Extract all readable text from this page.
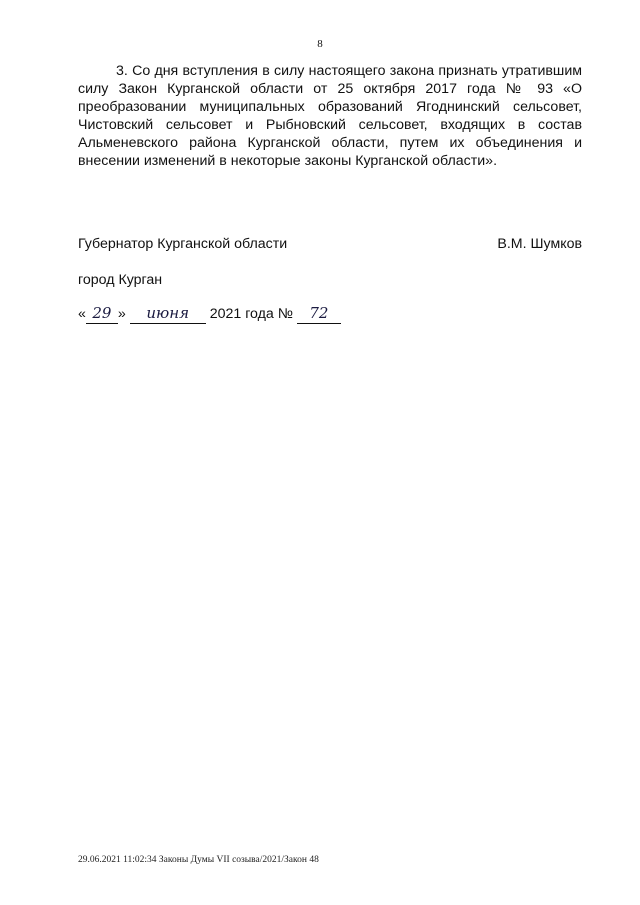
8

3. Со дня вступления в силу настоящего закона признать утратившим силу Закон Курганской области от 25 октября 2017 года № 93 «О преобразовании муниципальных образований Ягоднинский сельсовет, Чистовский сельсовет и Рыбновский сельсовет, входящих в состав Альменевского района Курганской области, путем их объединения и внесении изменений в некоторые законы Курганской области».

Губернатор Курганской области	В.М. Шумков
город Курган
« 29 » июня 2021 года № 72
29.06.2021 11:02:34 Законы Думы VII созыва/2021/Закон 48
